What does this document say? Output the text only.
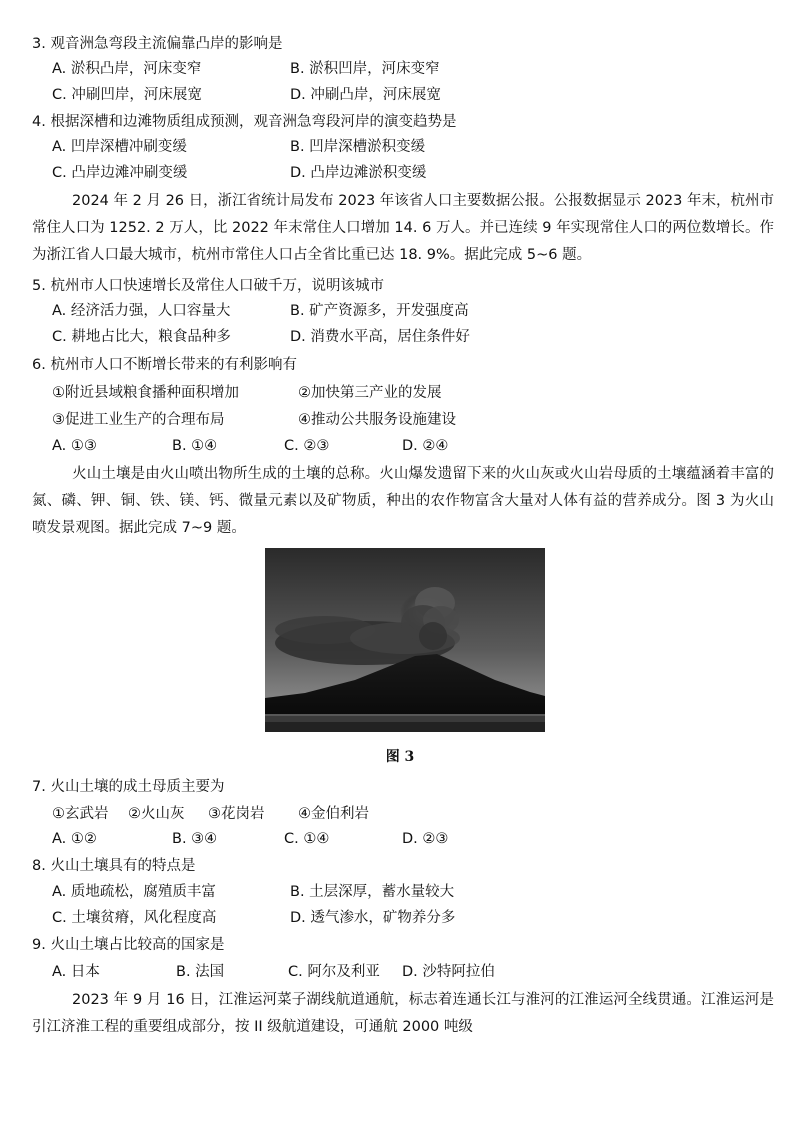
3. 观音洲急弯段主流偏靠凸岸的影响是
A. 淤积凸岸，河床变窄	B. 淤积凹岸，河床变窄
C. 冲刷凹岸，河床展宽	D. 冲刷凸岸，河床展宽
4. 根据深槽和边滩物质组成预测，观音洲急弯段河岸的演变趋势是
A. 凹岸深槽冲刷变缓	B. 凹岸深槽淤积变缓
C. 凸岸边滩冲刷变缓	D. 凸岸边滩淤积变缓

2024 年 2 月 26 日，浙江省统计局发布 2023 年该省人口主要数据公报。公报数据显示 2023 年末，杭州市常住人口为 1252. 2 万人，比 2022 年末常住人口增加 14. 6 万人。并已连续 9 年实现常住人口的两位数增长。作为浙江省人口最大城市，杭州市常住人口占全省比重已达 18. 9%。据此完成 5~6 题。

5. 杭州市人口快速增长及常住人口破千万，说明该城市
A. 经济活力强，人口容量大	B. 矿产资源多，开发强度高
C. 耕地占比大，粮食品种多	D. 消费水平高，居住条件好
6. 杭州市人口不断增长带来的有利影响有
①附近县域粮食播种面积增加	②加快第三产业的发展
③促进工业生产的合理布局	④推动公共服务设施建设
A. ①③	B. ①④	C. ②③	D. ②④

火山土壤是由火山喷出物所生成的土壤的总称。火山爆发遗留下来的火山灰或火山岩母质的土壤蕴涵着丰富的氮、磷、钾、铜、铁、镁、钙、微量元素以及矿物质，种出的农作物富含大量对人体有益的营养成分。图 3 为火山喷发景观图。据此完成 7~9 题。

图 3
7. 火山土壤的成土母质主要为
①玄武岩 ②火山灰 ③花岗岩 ④金伯利岩
A. ①②	B. ③④	C. ①④	D. ②③
8. 火山土壤具有的特点是
A. 质地疏松，腐殖质丰富	B. 土层深厚，蓄水量较大
C. 土壤贫瘠，风化程度高	D. 透气渗水，矿物养分多
9. 火山土壤占比较高的国家是
A. 日本	B. 法国	C. 阿尔及利亚 D. 沙特阿拉伯

2023 年 9 月 16 日，江淮运河菜子湖线航道通航，标志着连通长江与淮河的江淮运河全线贯通。江淮运河是引江济淮工程的重要组成部分，按 II 级航道建设，可通航 2000 吨级
